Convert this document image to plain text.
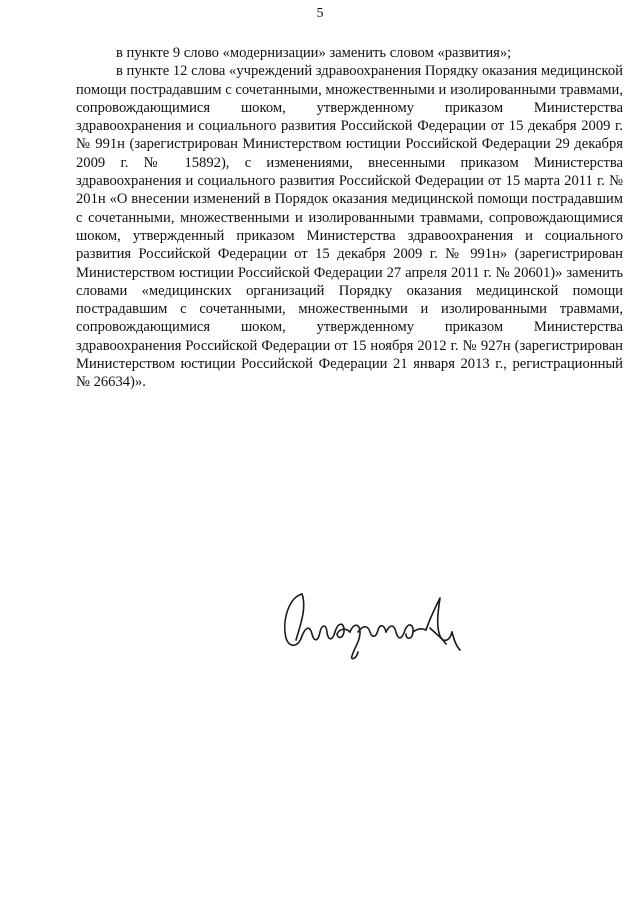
5

в пункте 9 слово «модернизации» заменить словом «развития»;

в пункте 12 слова «учреждений здравоохранения Порядку оказания медицинской помощи пострадавшим с сочетанными, множественными и изолированными травмами, сопровождающимися шоком, утвержденному приказом Министерства здравоохранения и социального развития Российской Федерации от 15 декабря 2009 г. № 991н (зарегистрирован Министерством юстиции Российской Федерации 29 декабря 2009 г. № 15892), с изменениями, внесенными приказом Министерства здравоохранения и социального развития Российской Федерации от 15 марта 2011 г. № 201н «О внесении изменений в Порядок оказания медицинской помощи пострадавшим с сочетанными, множественными и изолированными травмами, сопровождающимися шоком, утвержденный приказом Министерства здравоохранения и социального развития Российской Федерации от 15 декабря 2009 г. № 991н» (зарегистрирован Министерством юстиции Российской Федерации 27 апреля 2011 г. № 20601)» заменить словами «медицинских организаций Порядку оказания медицинской помощи пострадавшим с сочетанными, множественными и изолированными травмами, сопровождающимися шоком, утвержденному приказом Министерства здравоохранения Российской Федерации от 15 ноября 2012 г. № 927н (зарегистрирован Министерством юстиции Российской Федерации 21 января 2013 г., регистрационный № 26634)».
